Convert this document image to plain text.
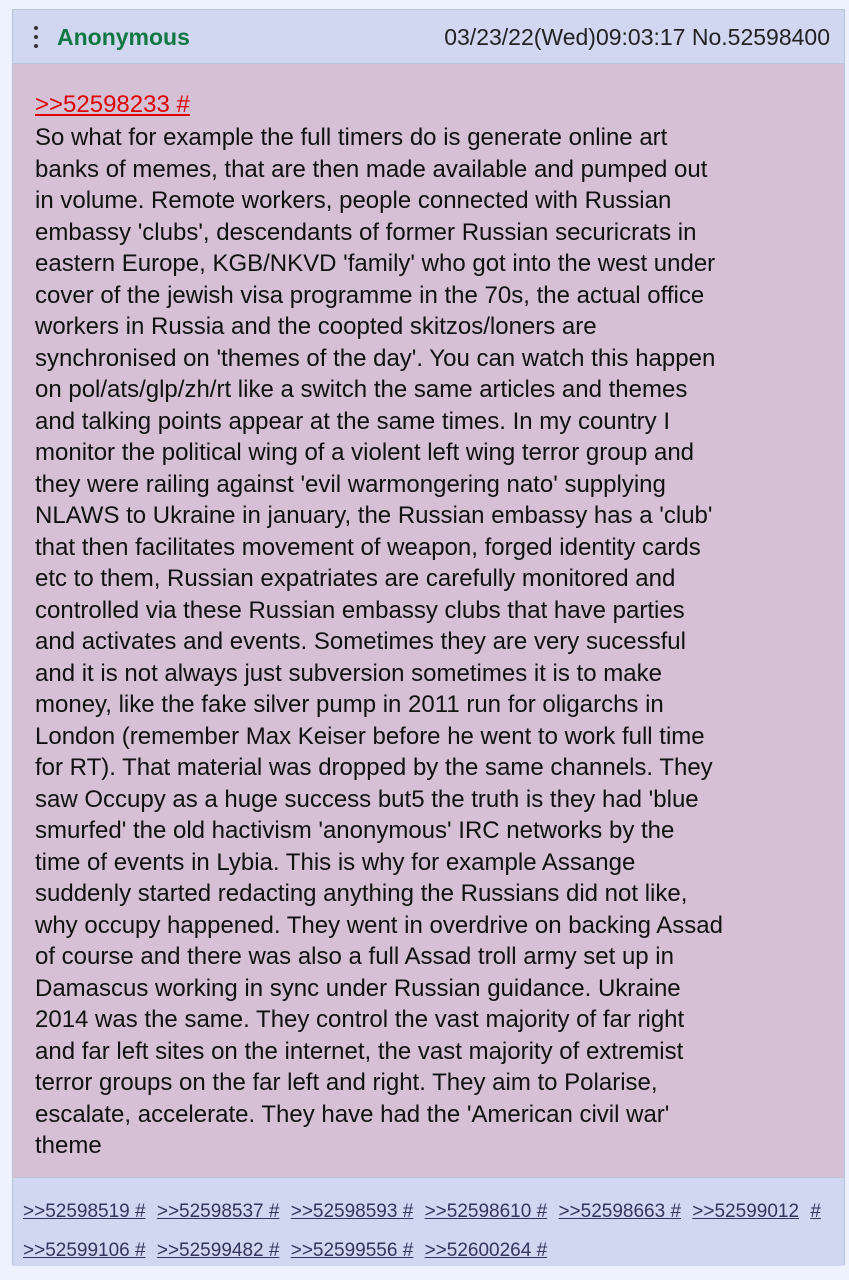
Anonymous	03/23/22(Wed)09:03:17 No.52598400
>>52598233 #

So what for example the full timers do is generate online art
banks of memes, that are then made available and pumped out
in volume. Remote workers, people connected with Russian
embassy 'clubs', descendants of former Russian securicrats in
eastern Europe, KGB/NKVD 'family' who got into the west under
cover of the jewish visa programme in the 70s, the actual office
workers in Russia and the coopted skitzos/loners are
synchronised on 'themes of the day'. You can watch this happen
on pol/ats/glp/zh/rt like a switch the same articles and themes
and talking points appear at the same times. In my country I
monitor the political wing of a violent left wing terror group and
they were railing against 'evil warmongering nato' supplying
NLAWS to Ukraine in january, the Russian embassy has a 'club'
that then facilitates movement of weapon, forged identity cards
etc to them, Russian expatriates are carefully monitored and
controlled via these Russian embassy clubs that have parties
and activates and events. Sometimes they are very sucessful
and it is not always just subversion sometimes it is to make
money, like the fake silver pump in 2011 run for oligarchs in
London (remember Max Keiser before he went to work full time
for RT). That material was dropped by the same channels. They
saw Occupy as a huge success but5 the truth is they had 'blue
smurfed' the old hactivism 'anonymous' IRC networks by the
time of events in Lybia. This is why for example Assange
suddenly started redacting anything the Russians did not like,
why occupy happened. They went in overdrive on backing Assad
of course and there was also a full Assad troll army set up in
Damascus working in sync under Russian guidance. Ukraine
2014 was the same. They control the vast majority of far right
and far left sites on the internet, the vast majority of extremist
terror groups on the far left and right. They aim to Polarise,
escalate, accelerate. They have had the 'American civil war'
theme

>>52598519 # >>52598537 # >>52598593 # >>52598610 # >>52598663 # >>52599012 # >>52599106 # >>52599482 # >>52599556 # >>52600264 #
